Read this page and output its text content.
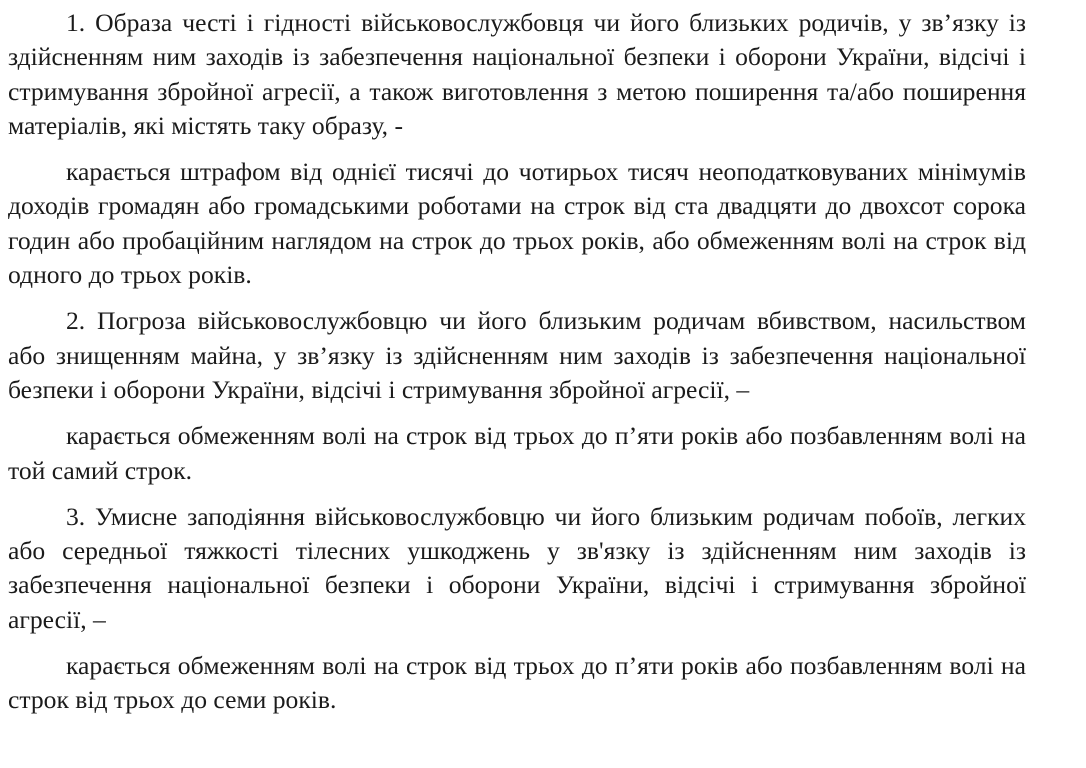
1. Образа честі і гідності військовослужбовця чи його близьких родичів, у зв’язку із здійсненням ним заходів із забезпечення національної безпеки і оборони України, відсічі і стримування збройної агресії, а також виготовлення з метою поширення та/або поширення матеріалів, які містять таку образу, -

карається штрафом від однієї тисячі до чотирьох тисяч неоподатковуваних мінімумів доходів громадян або громадськими роботами на строк від ста двадцяти до двохсот сорока годин або пробаційним наглядом на строк до трьох років, або обмеженням волі на строк від одного до трьох років.

2. Погроза військовослужбовцю чи його близьким родичам вбивством, насильством або знищенням майна, у зв’язку із здійсненням ним заходів із забезпечення національної безпеки і оборони України, відсічі і стримування збройної агресії, –

карається обмеженням волі на строк від трьох до п’яти років або позбавленням волі на той самий строк.

3. Умисне заподіяння військовослужбовцю чи його близьким родичам побоїв, легких або середньої тяжкості тілесних ушкоджень у зв'язку із здійсненням ним заходів із забезпечення національної безпеки і оборони України, відсічі і стримування збройної агресії, –

карається обмеженням волі на строк від трьох до п’яти років або позбавленням волі на строк від трьох до семи років.
